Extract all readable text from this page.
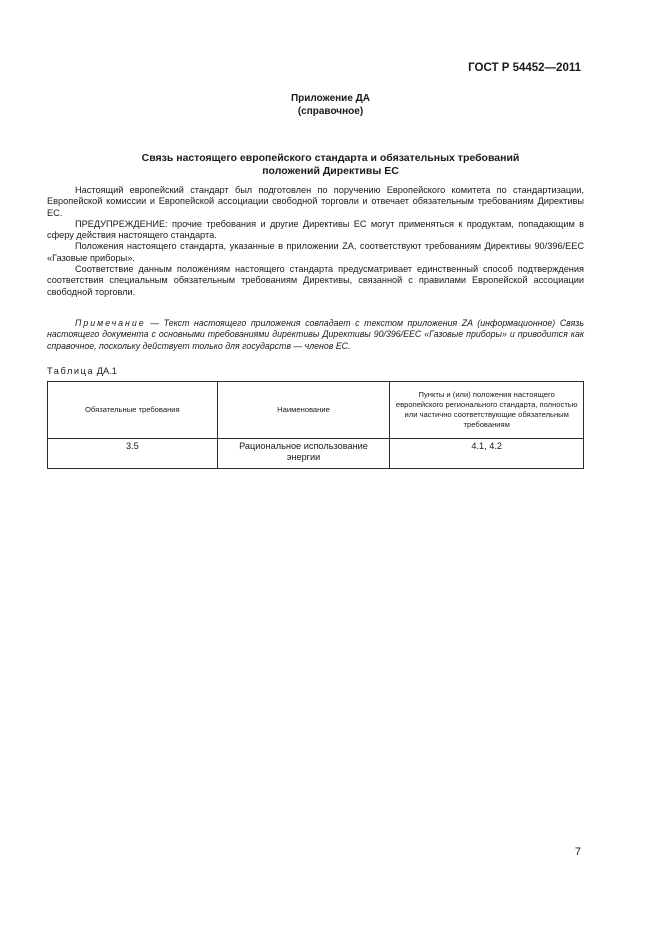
ГОСТ Р 54452—2011
Приложение ДА
(справочное)
Связь настоящего европейского стандарта и обязательных требований
положений Директивы ЕС

Настоящий европейский стандарт был подготовлен по поручению Европейского комитета по стандартизации, Европейской комиссии и Европейской ассоциации свободной торговли и отвечает обязательным требованиям Директивы ЕС.

ПРЕДУПРЕЖДЕНИЕ: прочие требования и другие Директивы ЕС могут применяться к продуктам, попадающим в сферу действия настоящего стандарта.

Положения настоящего стандарта, указанные в приложении ZA, соответствуют требованиям Директивы 90/396/EEC «Газовые приборы».

Соответствие данным положениям настоящего стандарта предусматривает единственный способ подтверждения соответствия специальным обязательным требованиям Директивы, связанной с правилами Европейской ассоциации свободной торговли.

Примечание — Текст настоящего приложения совпадает с текстом приложения ZA (информационное) Связь настоящего документа с основными требованиями директивы Директивы 90/396/EEC «Газовые приборы» и приводится как справочное, поскольку действует только для государств — членов ЕС.
Таблица ДА.1
Обязательные требования	Наименование	Пункты и (или) положения настоящего европейского регионального стандарта, полностью или частично соответствующие обязательным требованиям
3.5	Рациональное использование энергии	4.1, 4.2
7
